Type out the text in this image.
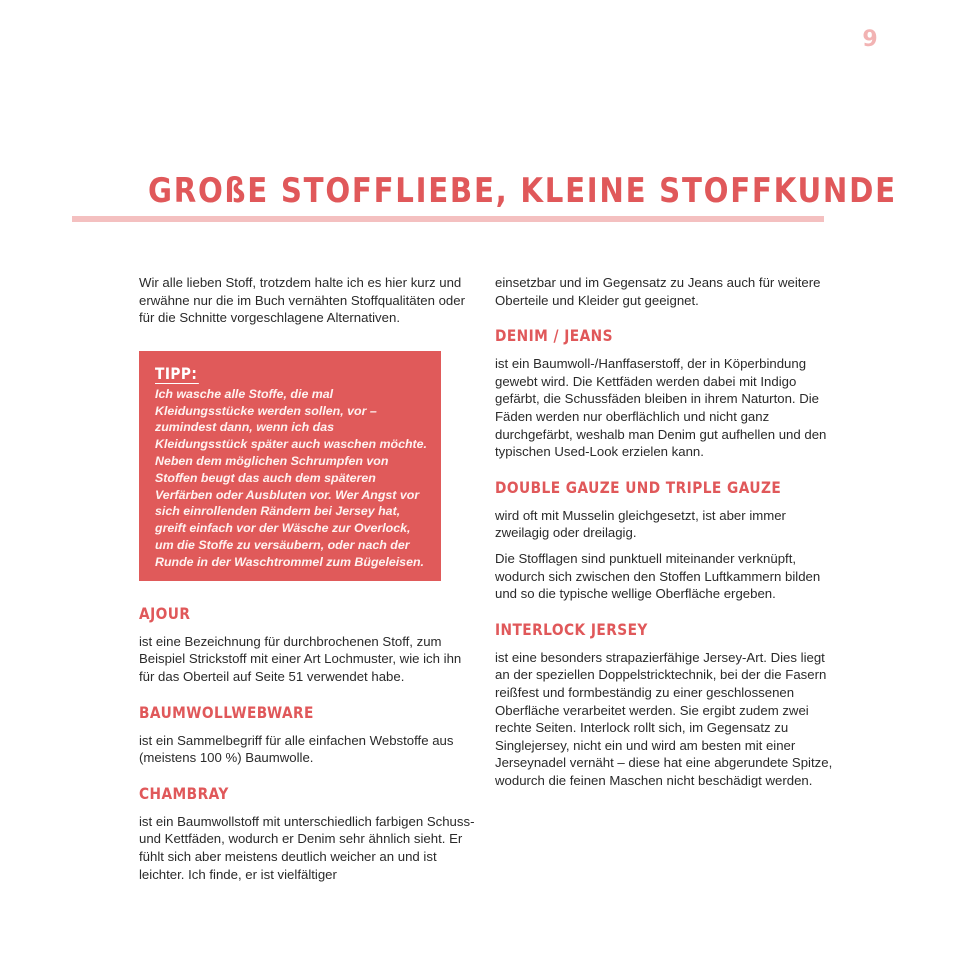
9
GROßE STOFFLIEBE, KLEINE STOFFKUNDE

Wir alle lieben Stoff, trotzdem halte ich es hier kurz und erwähne nur die im Buch vernähten Stoffqualitäten oder für die Schnitte vorgeschlagene Alternativen.

TIPP:
Ich wasche alle Stoffe, die mal Kleidungsstücke werden sollen, vor – zumindest dann, wenn ich das Kleidungsstück später auch waschen möchte. Neben dem möglichen Schrumpfen von Stoffen beugt das auch dem späteren Verfärben oder Ausbluten vor. Wer Angst vor sich einrollenden Rändern bei Jersey hat, greift einfach vor der Wäsche zur Overlock, um die Stoffe zu versäubern, oder nach der Runde in der Waschtrommel zum Bügeleisen.
AJOUR

ist eine Bezeichnung für durchbrochenen Stoff, zum Beispiel Strickstoff mit einer Art Lochmuster, wie ich ihn für das Oberteil auf Seite 51 verwendet habe.

BAUMWOLLWEBWARE

ist ein Sammelbegriff für alle einfachen Webstoffe aus (meistens 100 %) Baumwolle.

CHAMBRAY

ist ein Baumwollstoff mit unterschiedlich farbigen Schuss- und Kettfäden, wodurch er Denim sehr ähnlich sieht. Er fühlt sich aber meistens deutlich weicher an und ist leichter. Ich finde, er ist vielfältiger

einsetzbar und im Gegensatz zu Jeans auch für weitere Oberteile und Kleider gut geeignet.

DENIM / JEANS

ist ein Baumwoll-/Hanffaserstoff, der in Köperbindung gewebt wird. Die Kettfäden werden dabei mit Indigo gefärbt, die Schussfäden bleiben in ihrem Naturton. Die Fäden werden nur oberflächlich und nicht ganz durchgefärbt, weshalb man Denim gut aufhellen und den typischen Used-Look erzielen kann.

DOUBLE GAUZE UND TRIPLE GAUZE

wird oft mit Musselin gleichgesetzt, ist aber immer zweilagig oder dreilagig.

Die Stofflagen sind punktuell miteinander verknüpft, wodurch sich zwischen den Stoffen Luftkammern bilden und so die typische wellige Oberfläche ergeben.

INTERLOCK JERSEY

ist eine besonders strapazierfähige Jersey-Art. Dies liegt an der speziellen Doppelstricktechnik, bei der die Fasern reißfest und formbeständig zu einer geschlossenen Oberfläche verarbeitet werden. Sie ergibt zudem zwei rechte Seiten. Interlock rollt sich, im Gegensatz zu Singlejersey, nicht ein und wird am besten mit einer Jerseynadel vernäht – diese hat eine abgerundete Spitze, wodurch die feinen Maschen nicht beschädigt werden.
